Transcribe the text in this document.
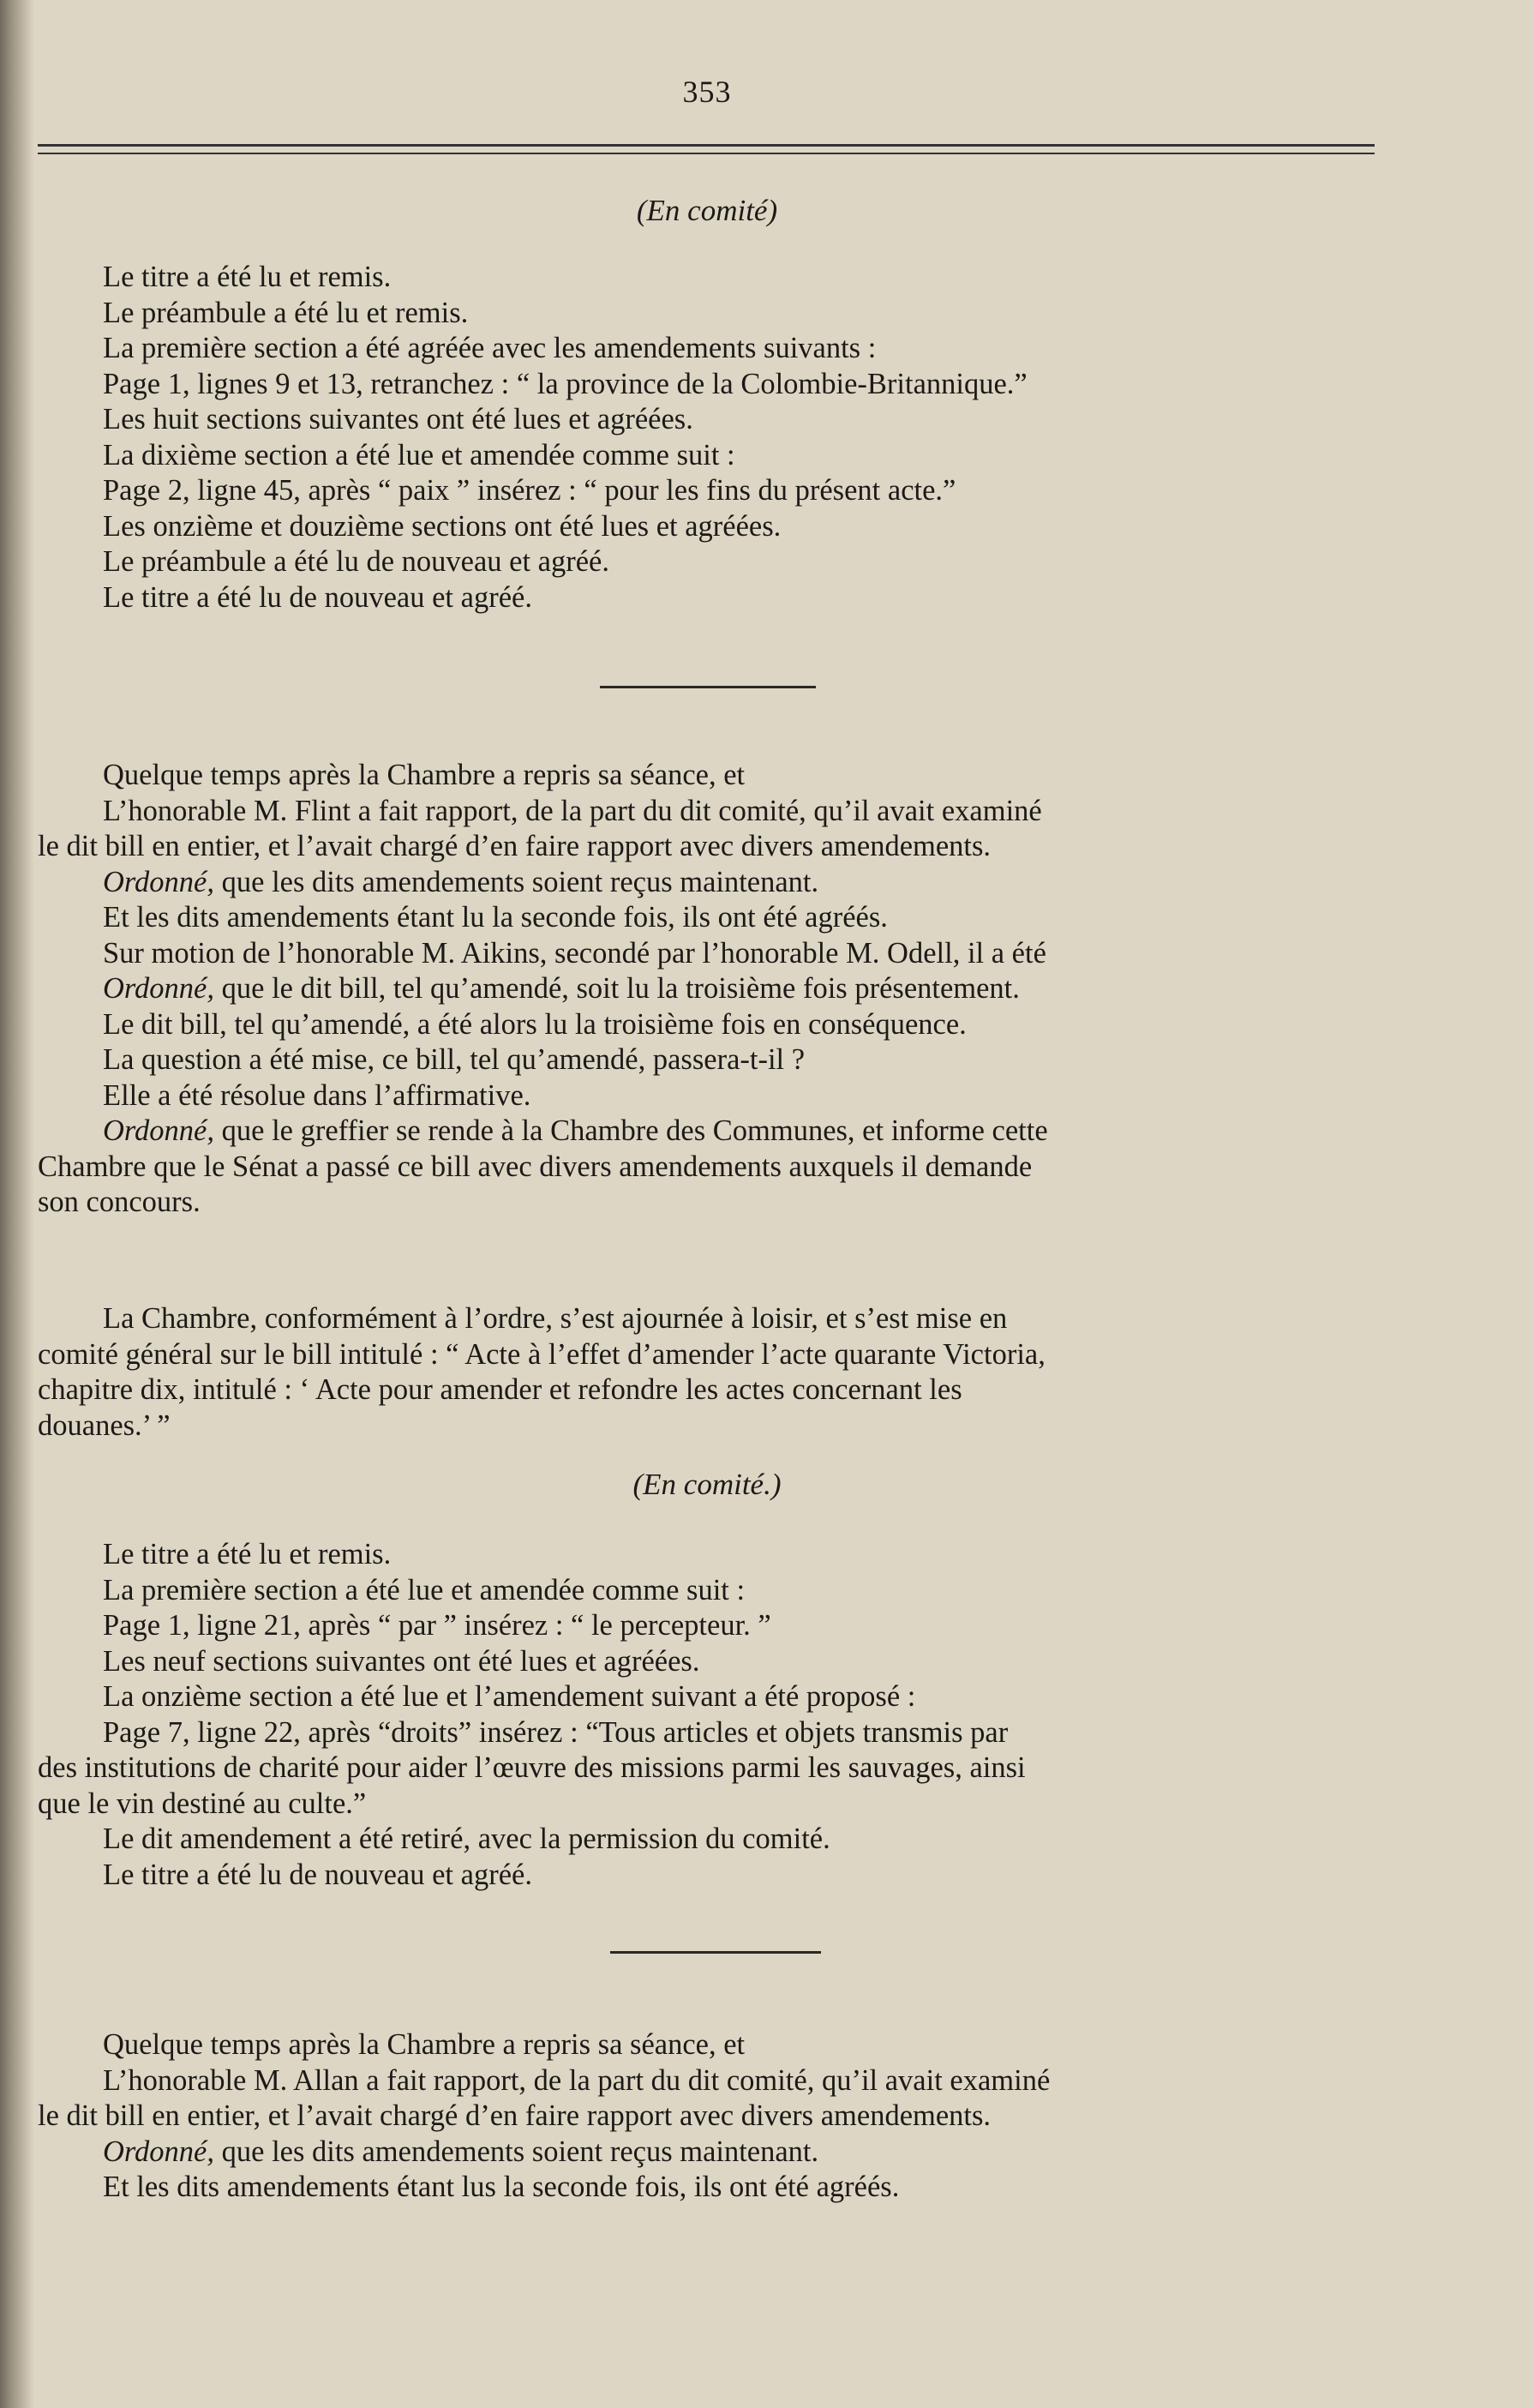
353
(En comité)
Le titre a été lu et remis.
Le préambule a été lu et remis.
La première section a été agréée avec les amendements suivants :
Page 1, lignes 9 et 13, retranchez : “ la province de la Colombie-Britannique.”
Les huit sections suivantes ont été lues et agréées.
La dixième section a été lue et amendée comme suit :
Page 2, ligne 45, après “ paix ” insérez : “ pour les fins du présent acte.”
Les onzième et douzième sections ont été lues et agréées.
Le préambule a été lu de nouveau et agréé.
Le titre a été lu de nouveau et agréé.
Quelque temps après la Chambre a repris sa séance, et
L’honorable M. Flint a fait rapport, de la part du dit comité, qu’il avait examiné
le dit bill en entier, et l’avait chargé d’en faire rapport avec divers amendements.
Ordonné, que les dits amendements soient reçus maintenant.
Et les dits amendements étant lu la seconde fois, ils ont été agréés.
Sur motion de l’honorable M. Aikins, secondé par l’honorable M. Odell, il a été
Ordonné, que le dit bill, tel qu’amendé, soit lu la troisième fois présentement.
Le dit bill, tel qu’amendé, a été alors lu la troisième fois en conséquence.
La question a été mise, ce bill, tel qu’amendé, passera-t-il ?
Elle a été résolue dans l’affirmative.
Ordonné, que le greffier se rende à la Chambre des Communes, et informe cette
Chambre que le Sénat a passé ce bill avec divers amendements auxquels il demande
son concours.
La Chambre, conformément à l’ordre, s’est ajournée à loisir, et s’est mise en
comité général sur le bill intitulé : “ Acte à l’effet d’amender l’acte quarante Victoria,
chapitre dix, intitulé : ‘ Acte pour amender et refondre les actes concernant les
douanes.’ ”
(En comité.)
Le titre a été lu et remis.
La première section a été lue et amendée comme suit :
Page 1, ligne 21, après “ par ” insérez : “ le percepteur. ”
Les neuf sections suivantes ont été lues et agréées.
La onzième section a été lue et l’amendement suivant a été proposé :
Page 7, ligne 22, après “droits” insérez : “Tous articles et objets transmis par
des institutions de charité pour aider l’œuvre des missions parmi les sauvages, ainsi
que le vin destiné au culte.”
Le dit amendement a été retiré, avec la permission du comité.
Le titre a été lu de nouveau et agréé.
Quelque temps après la Chambre a repris sa séance, et
L’honorable M. Allan a fait rapport, de la part du dit comité, qu’il avait examiné
le dit bill en entier, et l’avait chargé d’en faire rapport avec divers amendements.
Ordonné, que les dits amendements soient reçus maintenant.
Et les dits amendements étant lus la seconde fois, ils ont été agréés.
